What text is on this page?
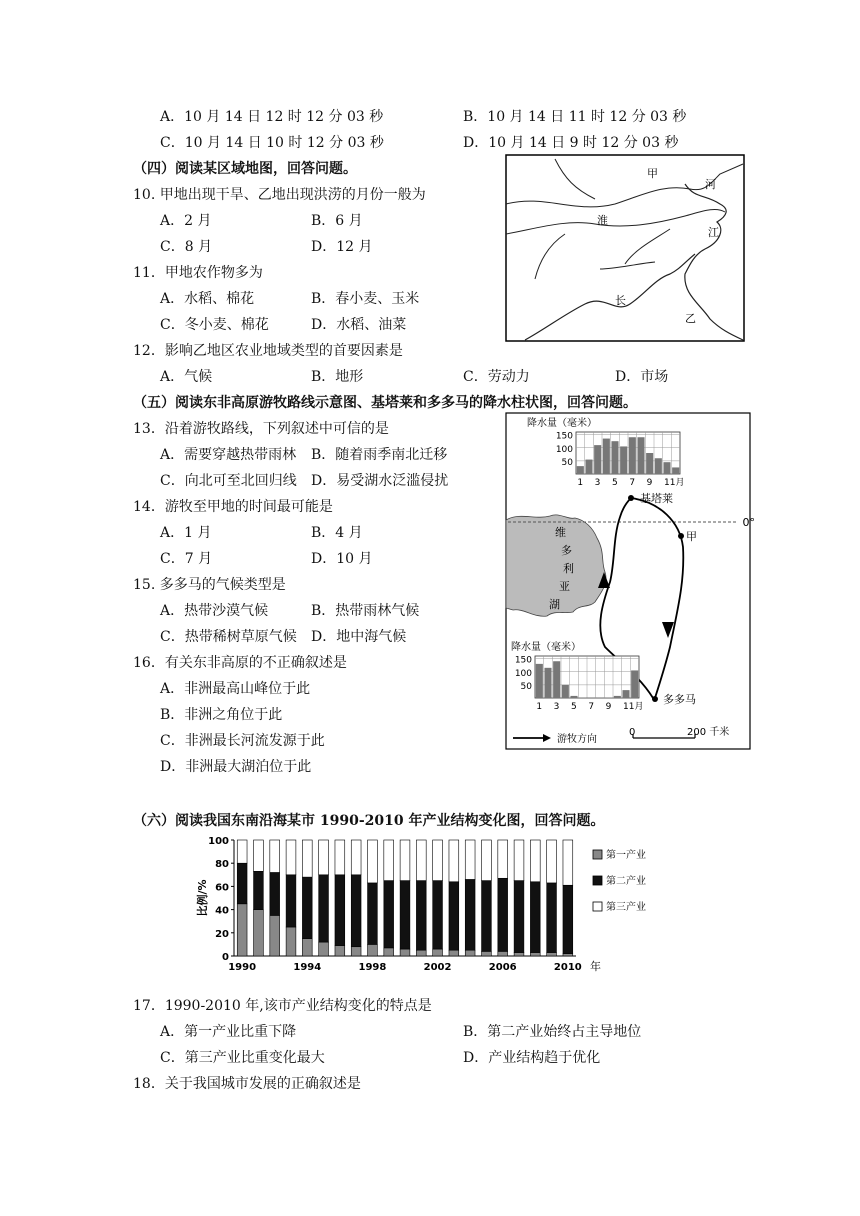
A．10 月 14 日 12 时 12 分 03 秒	B．10 月 14 日 11 时 12 分 03 秒
C．10 月 14 日 10 时 12 分 03 秒	D．10 月 14 日 9 时 12 分 03 秒
（四）阅读某区域地图，回答问题。
10. 甲地出现干旱、乙地出现洪涝的月份一般为
A．2 月	B．6 月
C．8 月	D．12 月
11．甲地农作物多为
A．水稻、棉花	B．春小麦、玉米
C．冬小麦、棉花	D．水稻、油菜
12．影响乙地区农业地域类型的首要因素是
A．气候	B．地形	C．劳动力	D．市场
甲
河
淮
江
长
乙
（五）阅读东非高原游牧路线示意图、基塔莱和多多马的降水柱状图，回答问题。
13．沿着游牧路线，下列叙述中可信的是
A．需要穿越热带雨林 B．随着雨季南北迁移
C．向北可至北回归线 D．易受湖水泛滥侵扰
14．游牧至甲地的时间最可能是
A．1 月	B．4 月
C．7 月	D．10 月
15. 多多马的气候类型是
A．热带沙漠气候	B．热带雨林气候
C．热带稀树草原气候 D．地中海气候
16．有关东非高原的不正确叙述是
A．非洲最高山峰位于此
B．非洲之角位于此
C．非洲最长河流发源于此
D．非洲最大湖泊位于此
维
多
利
亚
湖
0°
基塔莱
甲
多多马
降水量（毫米）
150
100
50
1 3 5 7 9 11月
降水量（毫米）
150
100
50
1 3 5 7 9 11月
游牧方向
0	200 千米
（六）阅读我国东南沿海某市 1990-2010 年产业结构变化图，回答问题。
0
20
40
60
80
100
比例/%
1990	1994	1998	2002	2006	2010 年
第一产业
第二产业
第三产业
17．1990-2010 年,该市产业结构变化的特点是
A．第一产业比重下降	B．第二产业始终占主导地位
C．第三产业比重变化最大	D．产业结构趋于优化
18．关于我国城市发展的正确叙述是
